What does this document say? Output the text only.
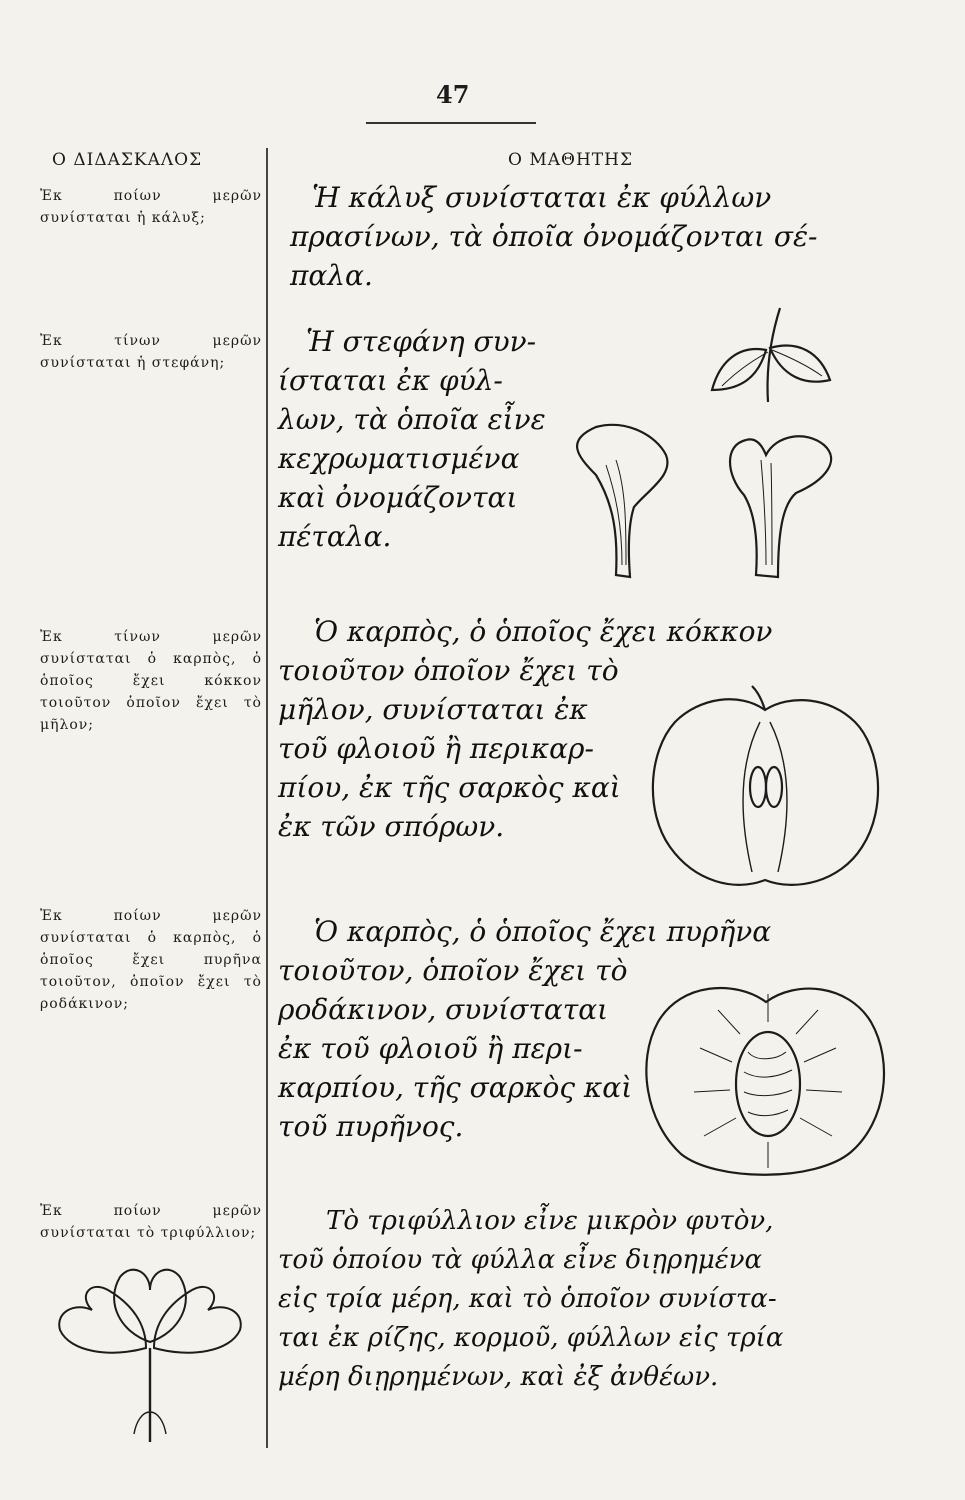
47
Ο ΔΙΔΑΣΚΑΛΟΣ	Ο ΜΑΘΗΤΗΣ
Ἐκ ποίων μερῶν συνίσταται ἡ κάλυξ;
Ἐκ τίνων μερῶν συνίσταται ἡ στεφάνη;
Ἐκ τίνων μερῶν συνίσταται ὁ καρπὸς, ὁ ὁποῖος ἔχει κόκκον τοιοῦτον ὁποῖον ἔχει τὸ μῆλον;
Ἐκ ποίων μερῶν συνίσταται ὁ καρπὸς, ὁ ὁποῖος ἔχει πυρῆνα τοιοῦτον, ὁποῖον ἔχει τὸ ροδάκινον;
Ἐκ ποίων μερῶν συνίσταται τὸ τριφύλλιον;
Ἡ κάλυξ συνίσταται ἐκ φύλλων
πρασίνων, τὰ ὁποῖα ὀνομάζονται σέ-
παλα.
Ἡ στεφάνη συν-
ίσταται ἐκ φύλ-
λων, τὰ ὁποῖα εἶνε
κεχρωματισμένα
καὶ ὀνομάζονται
πέταλα.
Ὁ καρπὸς, ὁ ὁποῖος ἔχει κόκκον
τοιοῦτον ὁποῖον ἔχει τὸ
μῆλον, συνίσταται ἐκ
τοῦ φλοιοῦ ἢ περικαρ-
πίου, ἐκ τῆς σαρκὸς καὶ
ἐκ τῶν σπόρων.
Ὁ καρπὸς, ὁ ὁποῖος ἔχει πυρῆνα
τοιοῦτον, ὁποῖον ἔχει τὸ
ροδάκινον, συνίσταται
ἐκ τοῦ φλοιοῦ ἢ περι-
καρπίου, τῆς σαρκὸς καὶ
τοῦ πυρῆνος.
Τὸ τριφύλλιον εἶνε μικρὸν φυτὸν,
τοῦ ὁποίου τὰ φύλλα εἶνε διῃρημένα
εἰς τρία μέρη, καὶ τὸ ὁποῖον συνίστα-
ται ἐκ ρίζης, κορμοῦ, φύλλων εἰς τρία
μέρη διῃρημένων, καὶ ἐξ ἀνθέων.
